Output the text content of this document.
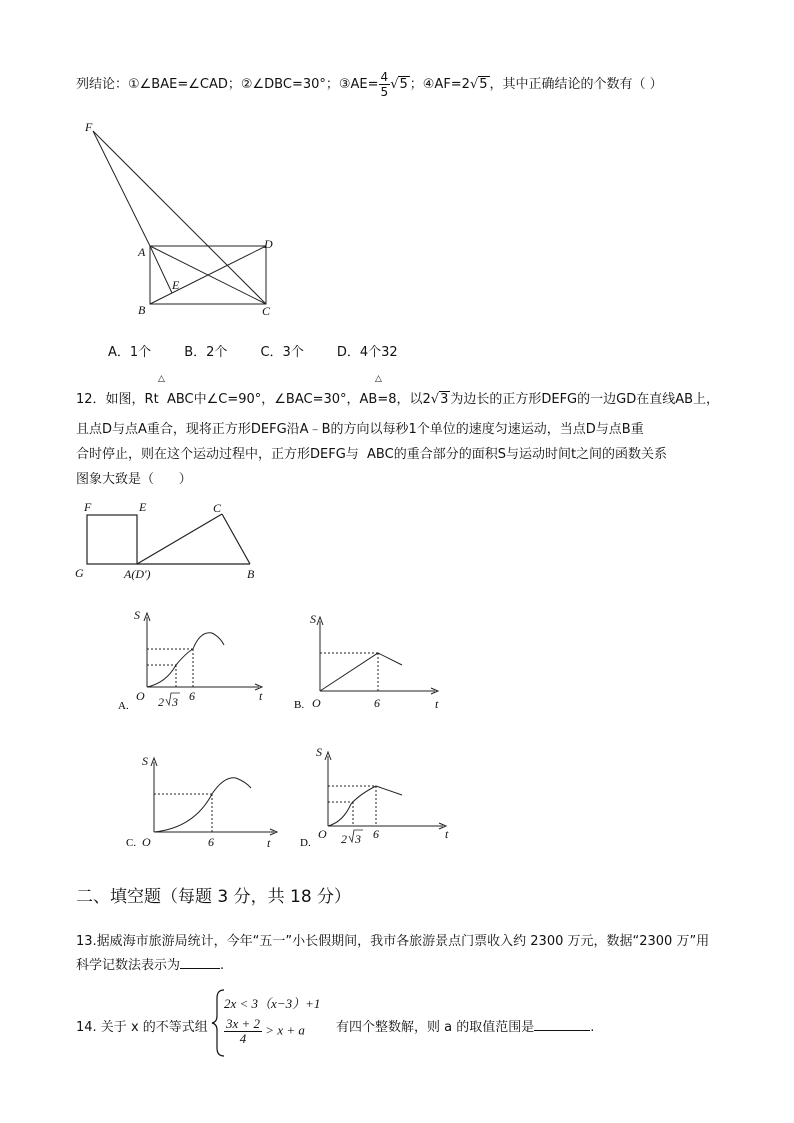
列结论：①∠BAE=∠CAD；②∠DBC=30°；③AE= $\frac{4}{5} √5$ ；④AF=2√5 ，其中正确结论的个数有（ ）
F
A
D
E
B	C
A．1个        B．2个        C．3个        D．4个32
△	△
12．如图，Rt ABC中∠C=90°，∠BAC=30°，AB=8，以2√3 为边长的正方形DEFG的一边GD在直线AB上，
且点D与点A重合，现将正方形DEFG沿A﹣B的方向以每秒1个单位的速度匀速运动，当点D与点B重
合时停止，则在这个运动过程中，正方形DEFG与  ABC的重合部分的面积S与运动时间t之间的函数关系
图象大致是（      ）
F	E	C
G	A(D')	B
S
t
O	6
2 3
A.
S
t
O	6
B.
S
t
O	6
C.
S
t
O	6
2 3
D.
二、填空题（每题 3 分，共 18 分）
13.据威海市旅游局统计，今年“五一”小长假期间，我市各旅游景点门票收入约 2300 万元，数据“2300 万”用
科学记数法表示为	.
14. 关于 x 的不等式组
2x < 3（x−3）+1
$\frac{3x + 2}{4} > x + a$ 有四个整数解，则 a 的取值范围是	.
